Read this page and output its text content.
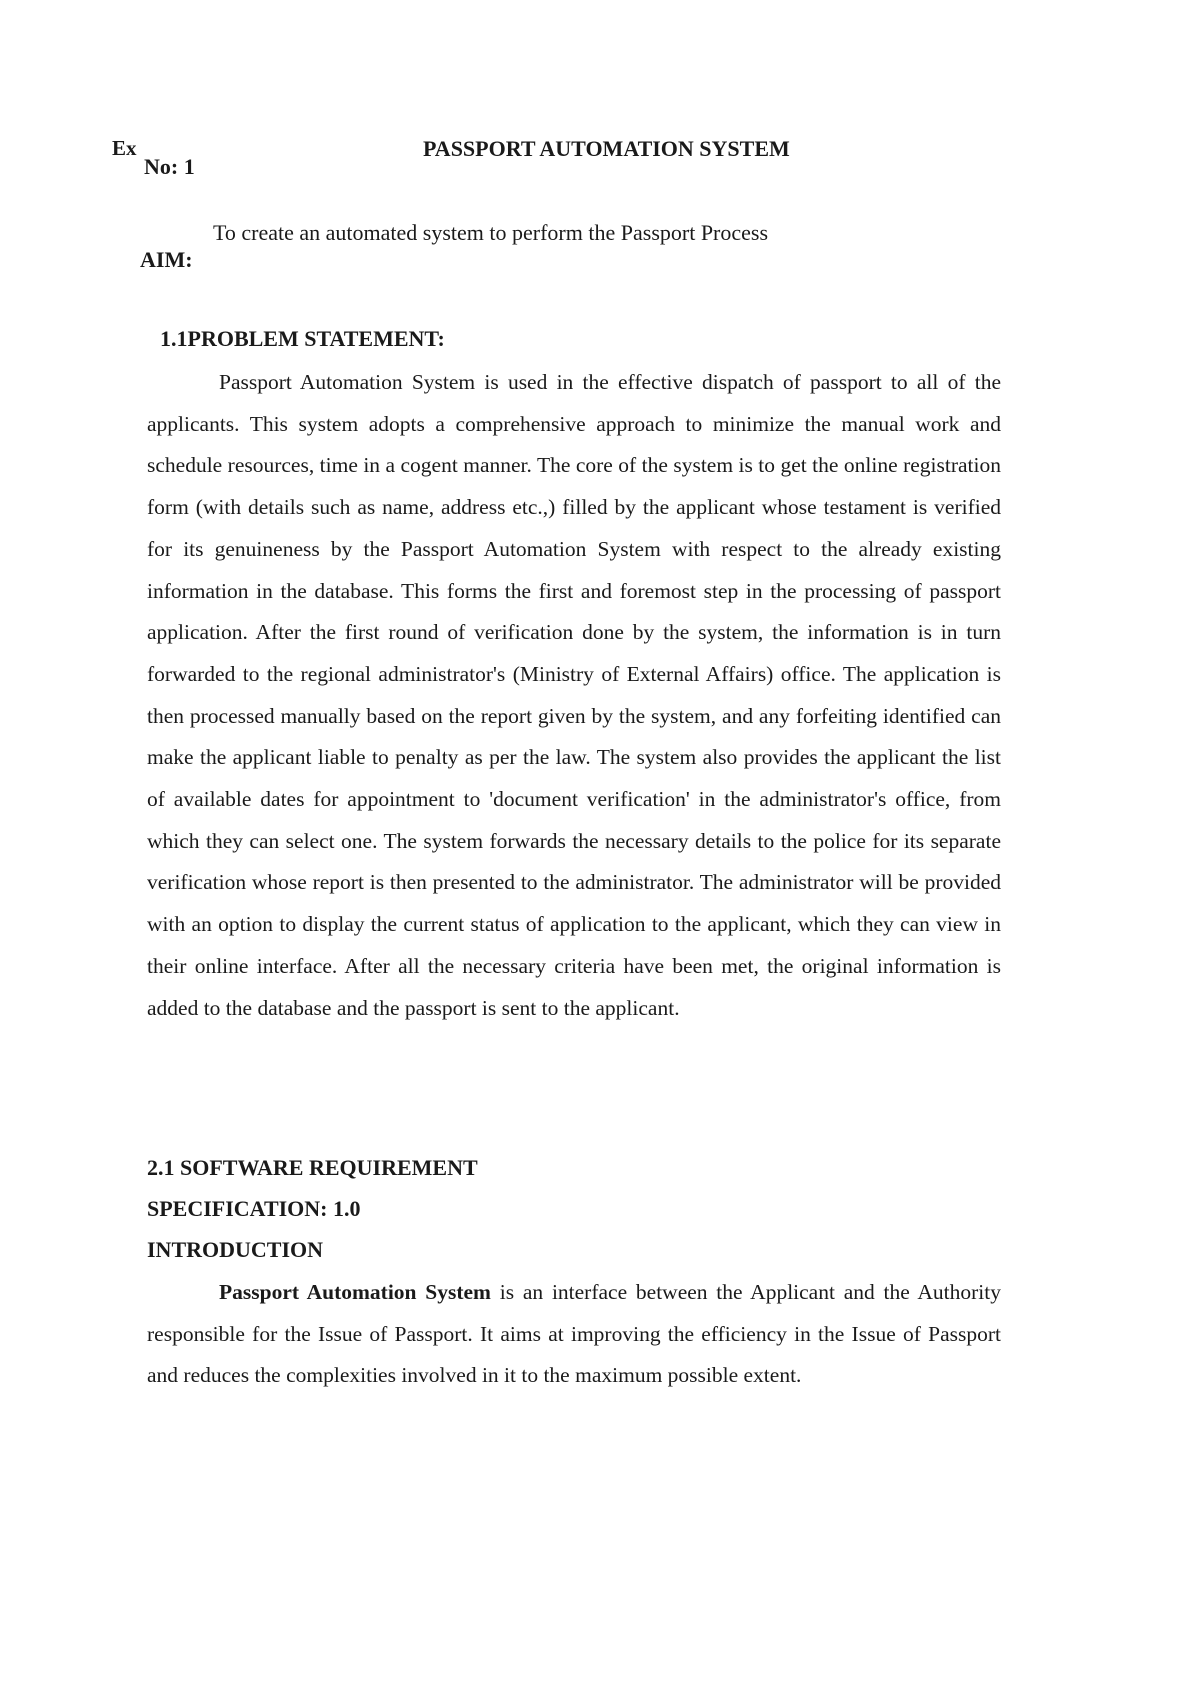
Ex
No: 1
PASSPORT AUTOMATION SYSTEM
To create an automated system to perform the Passport Process
AIM:
1.1PROBLEM STATEMENT:
Passport Automation System is used in the effective dispatch of passport to all of the applicants. This system adopts a comprehensive approach to minimize the manual work and schedule resources, time in a cogent manner. The core of the system is to get the online registration form (with details such as name, address etc.,) filled by the applicant whose testament is verified for its genuineness by the Passport Automation System with respect to the already existing information in the database. This forms the first and foremost step in the processing of passport application. After the first round of verification done by the system, the information is in turn forwarded to the regional administrator's (Ministry of External Affairs) office. The application is then processed manually based on the report given by the system, and any forfeiting identified can make the applicant liable to penalty as per the law. The system also provides the applicant the list of available dates for appointment to 'document verification' in the administrator's office, from which they can select one. The system forwards the necessary details to the police for its separate verification whose report is then presented to the administrator. The administrator will be provided with an option to display the current status of application to the applicant, which they can view in their online interface. After all the necessary criteria have been met, the original information is added to the database and the passport is sent to the applicant.
2.1 SOFTWARE REQUIREMENT
SPECIFICATION: 1.0
INTRODUCTION
Passport Automation System is an interface between the Applicant and the Authority responsible for the Issue of Passport. It aims at improving the efficiency in the Issue of Passport and reduces the complexities involved in it to the maximum possible extent.
